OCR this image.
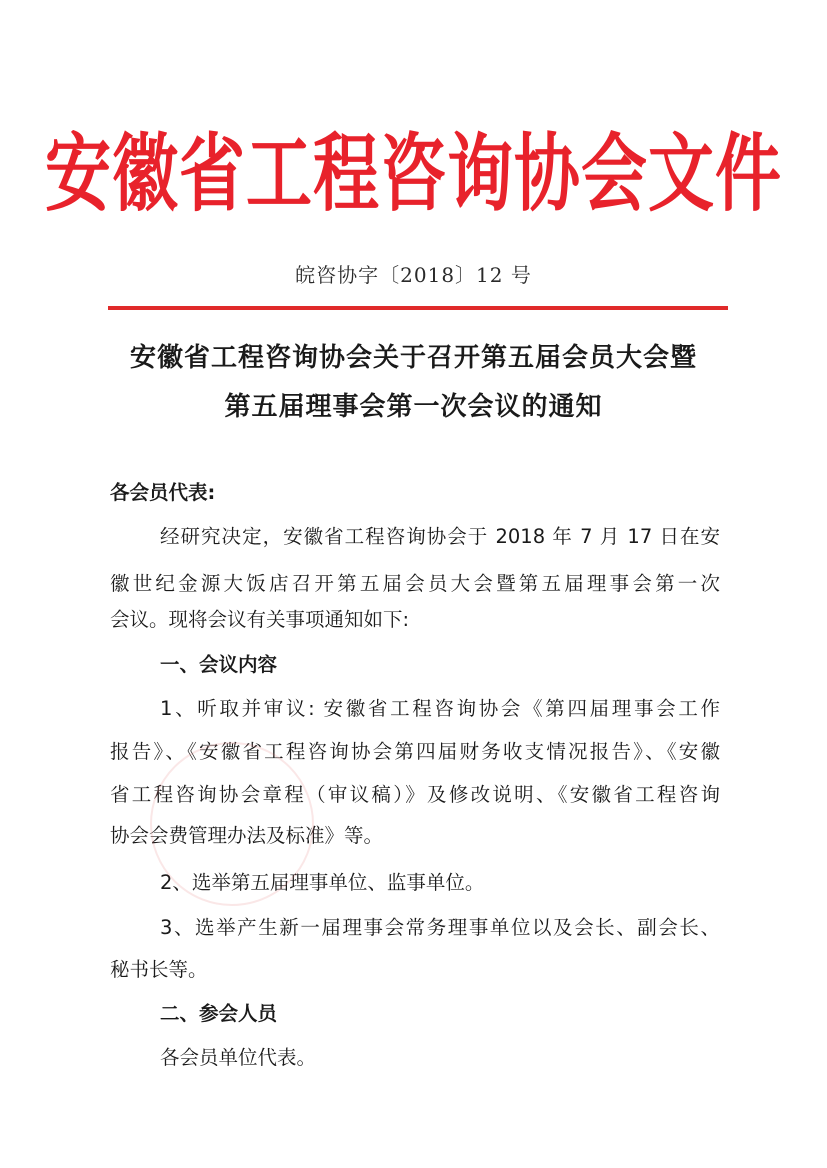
安徽省工程咨询协会文件
皖咨协字〔2018〕12 号
安徽省工程咨询协会关于召开第五届会员大会暨
第五届理事会第一次会议的通知
各会员代表:
经研究决定，安徽省工程咨询协会于 2018 年 7 月 17 日在安
徽世纪金源大饭店召开第五届会员大会暨第五届理事会第一次
会议。现将会议有关事项通知如下:
一、会议内容
1、听取并审议: 安徽省工程咨询协会《第四届理事会工作
报告》、《安徽省工程咨询协会第四届财务收支情况报告》、《安徽
省工程咨询协会章程（审议稿）》及修改说明、《安徽省工程咨询
协会会费管理办法及标准》等。
2、选举第五届理事单位、监事单位。
3、选举产生新一届理事会常务理事单位以及会长、副会长、
秘书长等。
二、参会人员
各会员单位代表。
